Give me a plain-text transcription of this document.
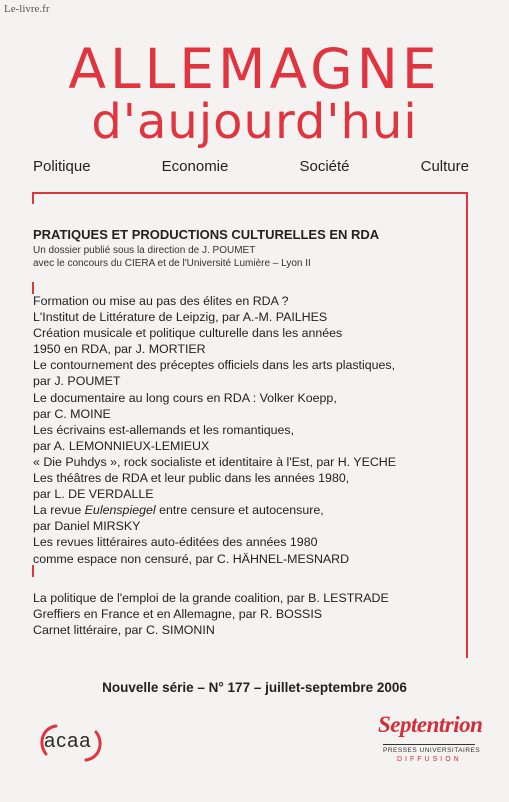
Le-livre.fr
ALLEMAGNE
d'aujourd'hui
Politique	Economie	Société	Culture
PRATIQUES ET PRODUCTIONS CULTURELLES EN RDA
Un dossier publié sous la direction de J. POUMET
avec le concours du CIERA et de l'Université Lumière – Lyon II
Formation ou mise au pas des élites en RDA ?
L'Institut de Littérature de Leipzig, par A.-M. PAILHES
Création musicale et politique culturelle dans les années
1950 en RDA, par J. MORTIER
Le contournement des préceptes officiels dans les arts plastiques,
par J. POUMET
Le documentaire au long cours en RDA : Volker Koepp,
par C. MOINE
Les écrivains est-allemands et les romantiques,
par A. LEMONNIEUX-LEMIEUX
« Die Puhdys », rock socialiste et identitaire à l'Est, par H. YECHE
Les théâtres de RDA et leur public dans les années 1980,
par L. DE VERDALLE
La revue Eulenspiegel entre censure et autocensure,
par Daniel MIRSKY
Les revues littéraires auto-éditées des années 1980
comme espace non censuré, par C. HÄHNEL-MESNARD
La politique de l'emploi de la grande coalition, par B. LESTRADE
Greffiers en France et en Allemagne, par R. BOSSIS
Carnet littéraire, par C. SIMONIN
Nouvelle série – N° 177 – juillet-septembre 2006
acaa
Septentrion
PRESSES UNIVERSITAIRES
DIFFUSION
